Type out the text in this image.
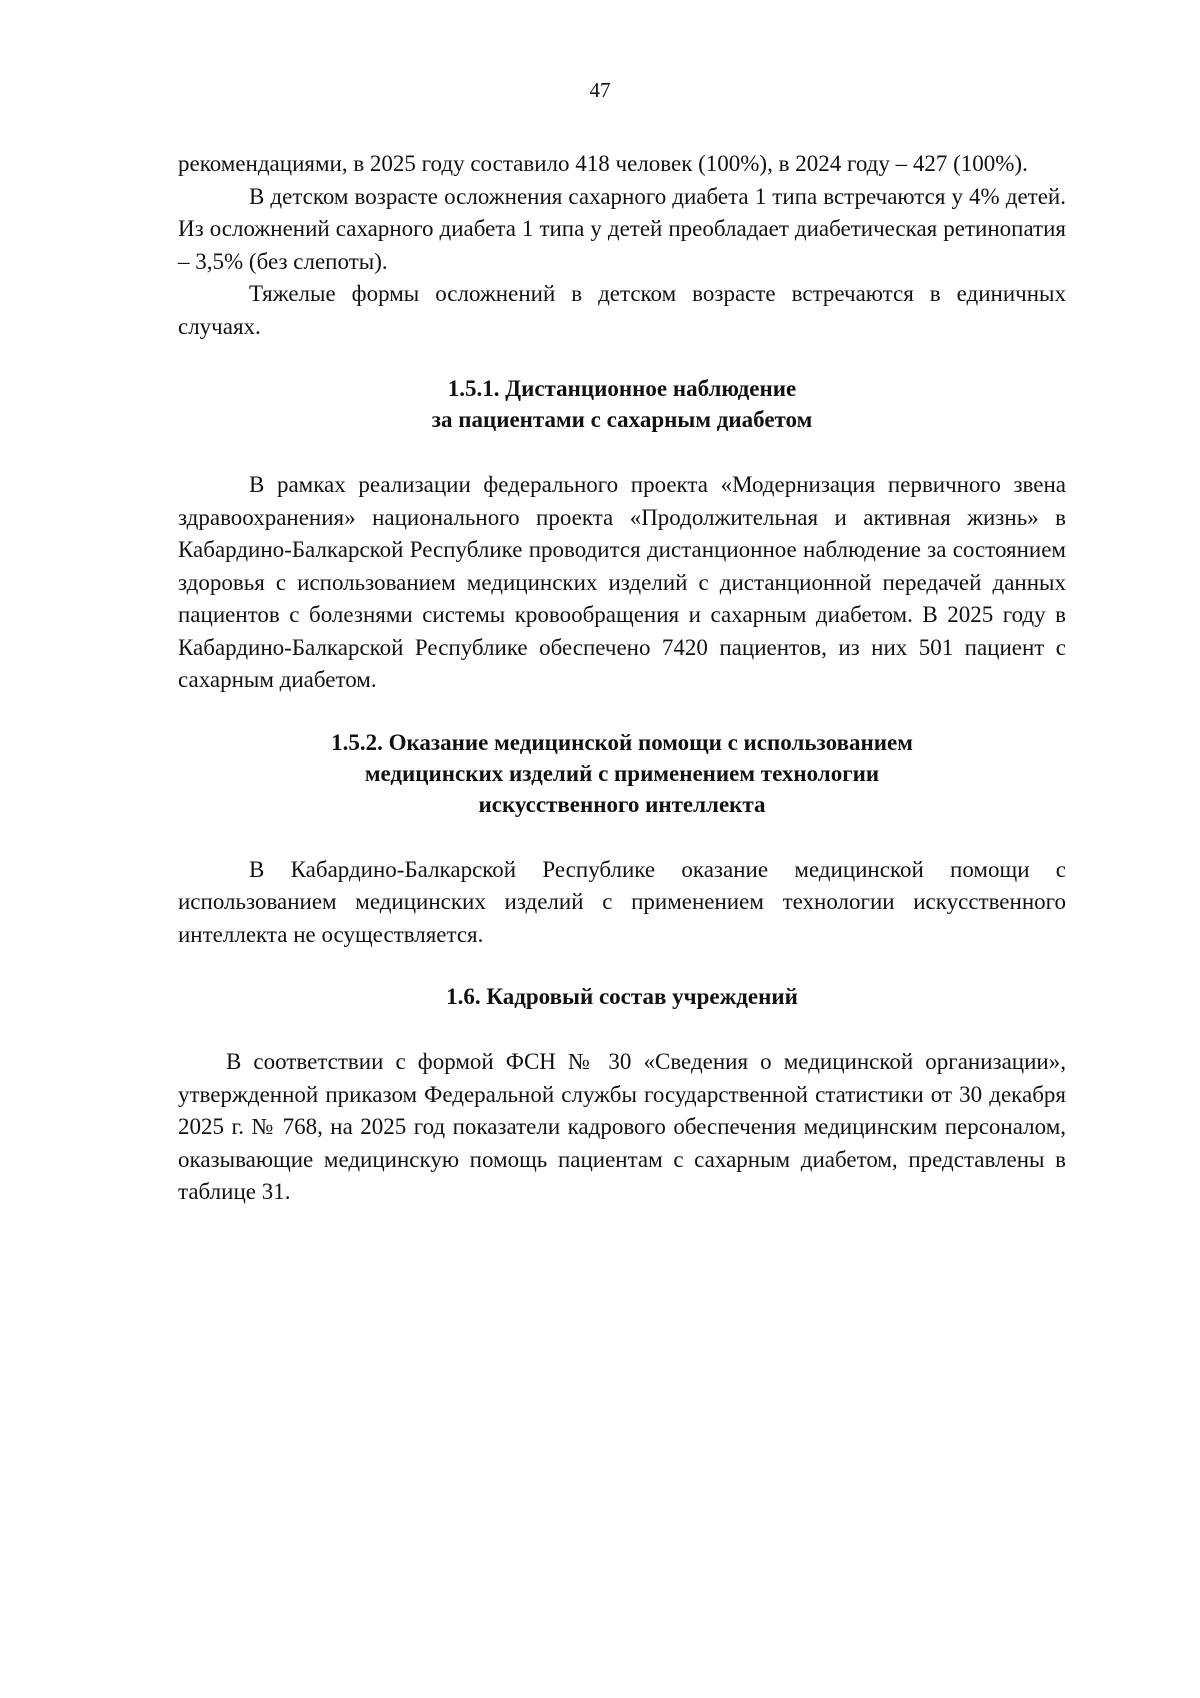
47

рекомендациями, в 2025 году составило 418 человек (100%), в 2024 году – 427 (100%).

В детском возрасте осложнения сахарного диабета 1 типа встречаются у 4% детей. Из осложнений сахарного диабета 1 типа у детей преобладает диабетическая ретинопатия – 3,5% (без слепоты).

Тяжелые формы осложнений в детском возрасте встречаются в единичных случаях.

1.5.1. Дистанционное наблюдение
за пациентами с сахарным диабетом

В рамках реализации федерального проекта «Модернизация первичного звена здравоохранения» национального проекта «Продолжительная и активная жизнь» в Кабардино-Балкарской Республике проводится дистанционное наблюдение за состоянием здоровья с использованием медицинских изделий с дистанционной передачей данных пациентов с болезнями системы кровообращения и сахарным диабетом. В 2025 году в Кабардино-Балкарской Республике обеспечено 7420 пациентов, из них 501 пациент с сахарным диабетом.

1.5.2. Оказание медицинской помощи с использованием
медицинских изделий с применением технологии
искусственного интеллекта

В Кабардино-Балкарской Республике оказание медицинской помощи с использованием медицинских изделий с применением технологии искусственного интеллекта не осуществляется.

1.6. Кадровый состав учреждений

В соответствии с формой ФСН № 30 «Сведения о медицинской организации», утвержденной приказом Федеральной службы государственной статистики от 30 декабря 2025 г. № 768, на 2025 год показатели кадрового обеспечения медицинским персоналом, оказывающие медицинскую помощь пациентам с сахарным диабетом, представлены в таблице 31.
